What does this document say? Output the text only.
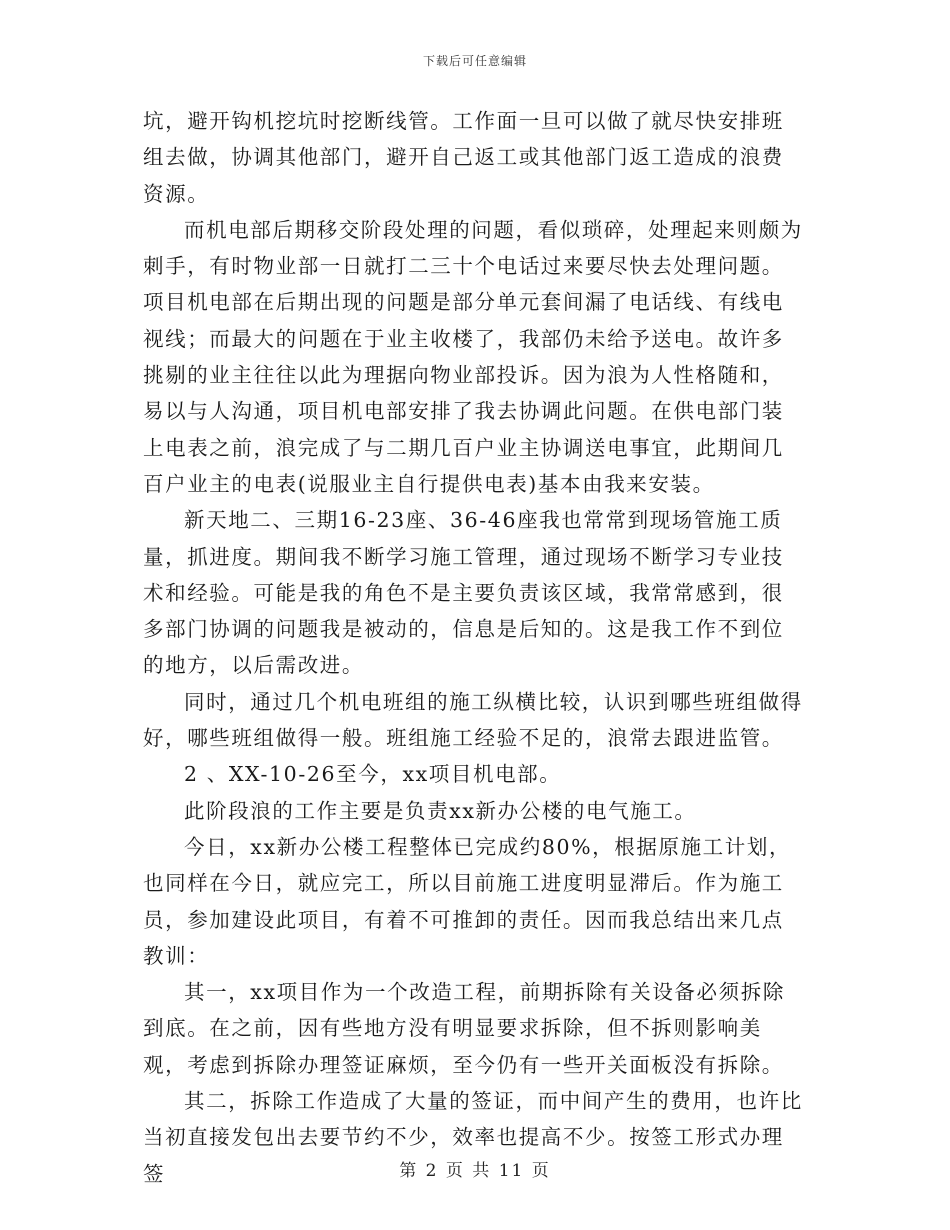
下载后可任意编辑

坑，避开钩机挖坑时挖断线管。工作面一旦可以做了就尽快安排班组去做，协调其他部门，避开自己返工或其他部门返工造成的浪费资源。

而机电部后期移交阶段处理的问题，看似琐碎，处理起来则颇为刺手，有时物业部一日就打二三十个电话过来要尽快去处理问题。项目机电部在后期出现的问题是部分单元套间漏了电话线、有线电视线；而最大的问题在于业主收楼了，我部仍未给予送电。故许多挑剔的业主往往以此为理据向物业部投诉。因为浪为人性格随和，易以与人沟通，项目机电部安排了我去协调此问题。在供电部门装上电表之前，浪完成了与二期几百户业主协调送电事宜，此期间几百户业主的电表(说服业主自行提供电表)基本由我来安装。

新天地二、三期16-23座、36-46座我也常常到现场管施工质量，抓进度。期间我不断学习施工管理，通过现场不断学习专业技术和经验。可能是我的角色不是主要负责该区域，我常常感到，很多部门协调的问题我是被动的，信息是后知的。这是我工作不到位的地方，以后需改进。

同时，通过几个机电班组的施工纵横比较，认识到哪些班组做得好，哪些班组做得一般。班组施工经验不足的，浪常去跟进监管。

2 、XX-10-26至今，xx项目机电部。

此阶段浪的工作主要是负责xx新办公楼的电气施工。

今日，xx新办公楼工程整体已完成约80%，根据原施工计划，也同样在今日，就应完工，所以目前施工进度明显滞后。作为施工员，参加建设此项目，有着不可推卸的责任。因而我总结出来几点教训：

其一，xx项目作为一个改造工程，前期拆除有关设备必须拆除到底。在之前，因有些地方没有明显要求拆除，但不拆则影响美观，考虑到拆除办理签证麻烦，至今仍有一些开关面板没有拆除。

其二，拆除工作造成了大量的签证，而中间产生的费用，也许比当初直接发包出去要节约不少，效率也提高不少。按签工形式办理签	第 2 页 共 11 页
